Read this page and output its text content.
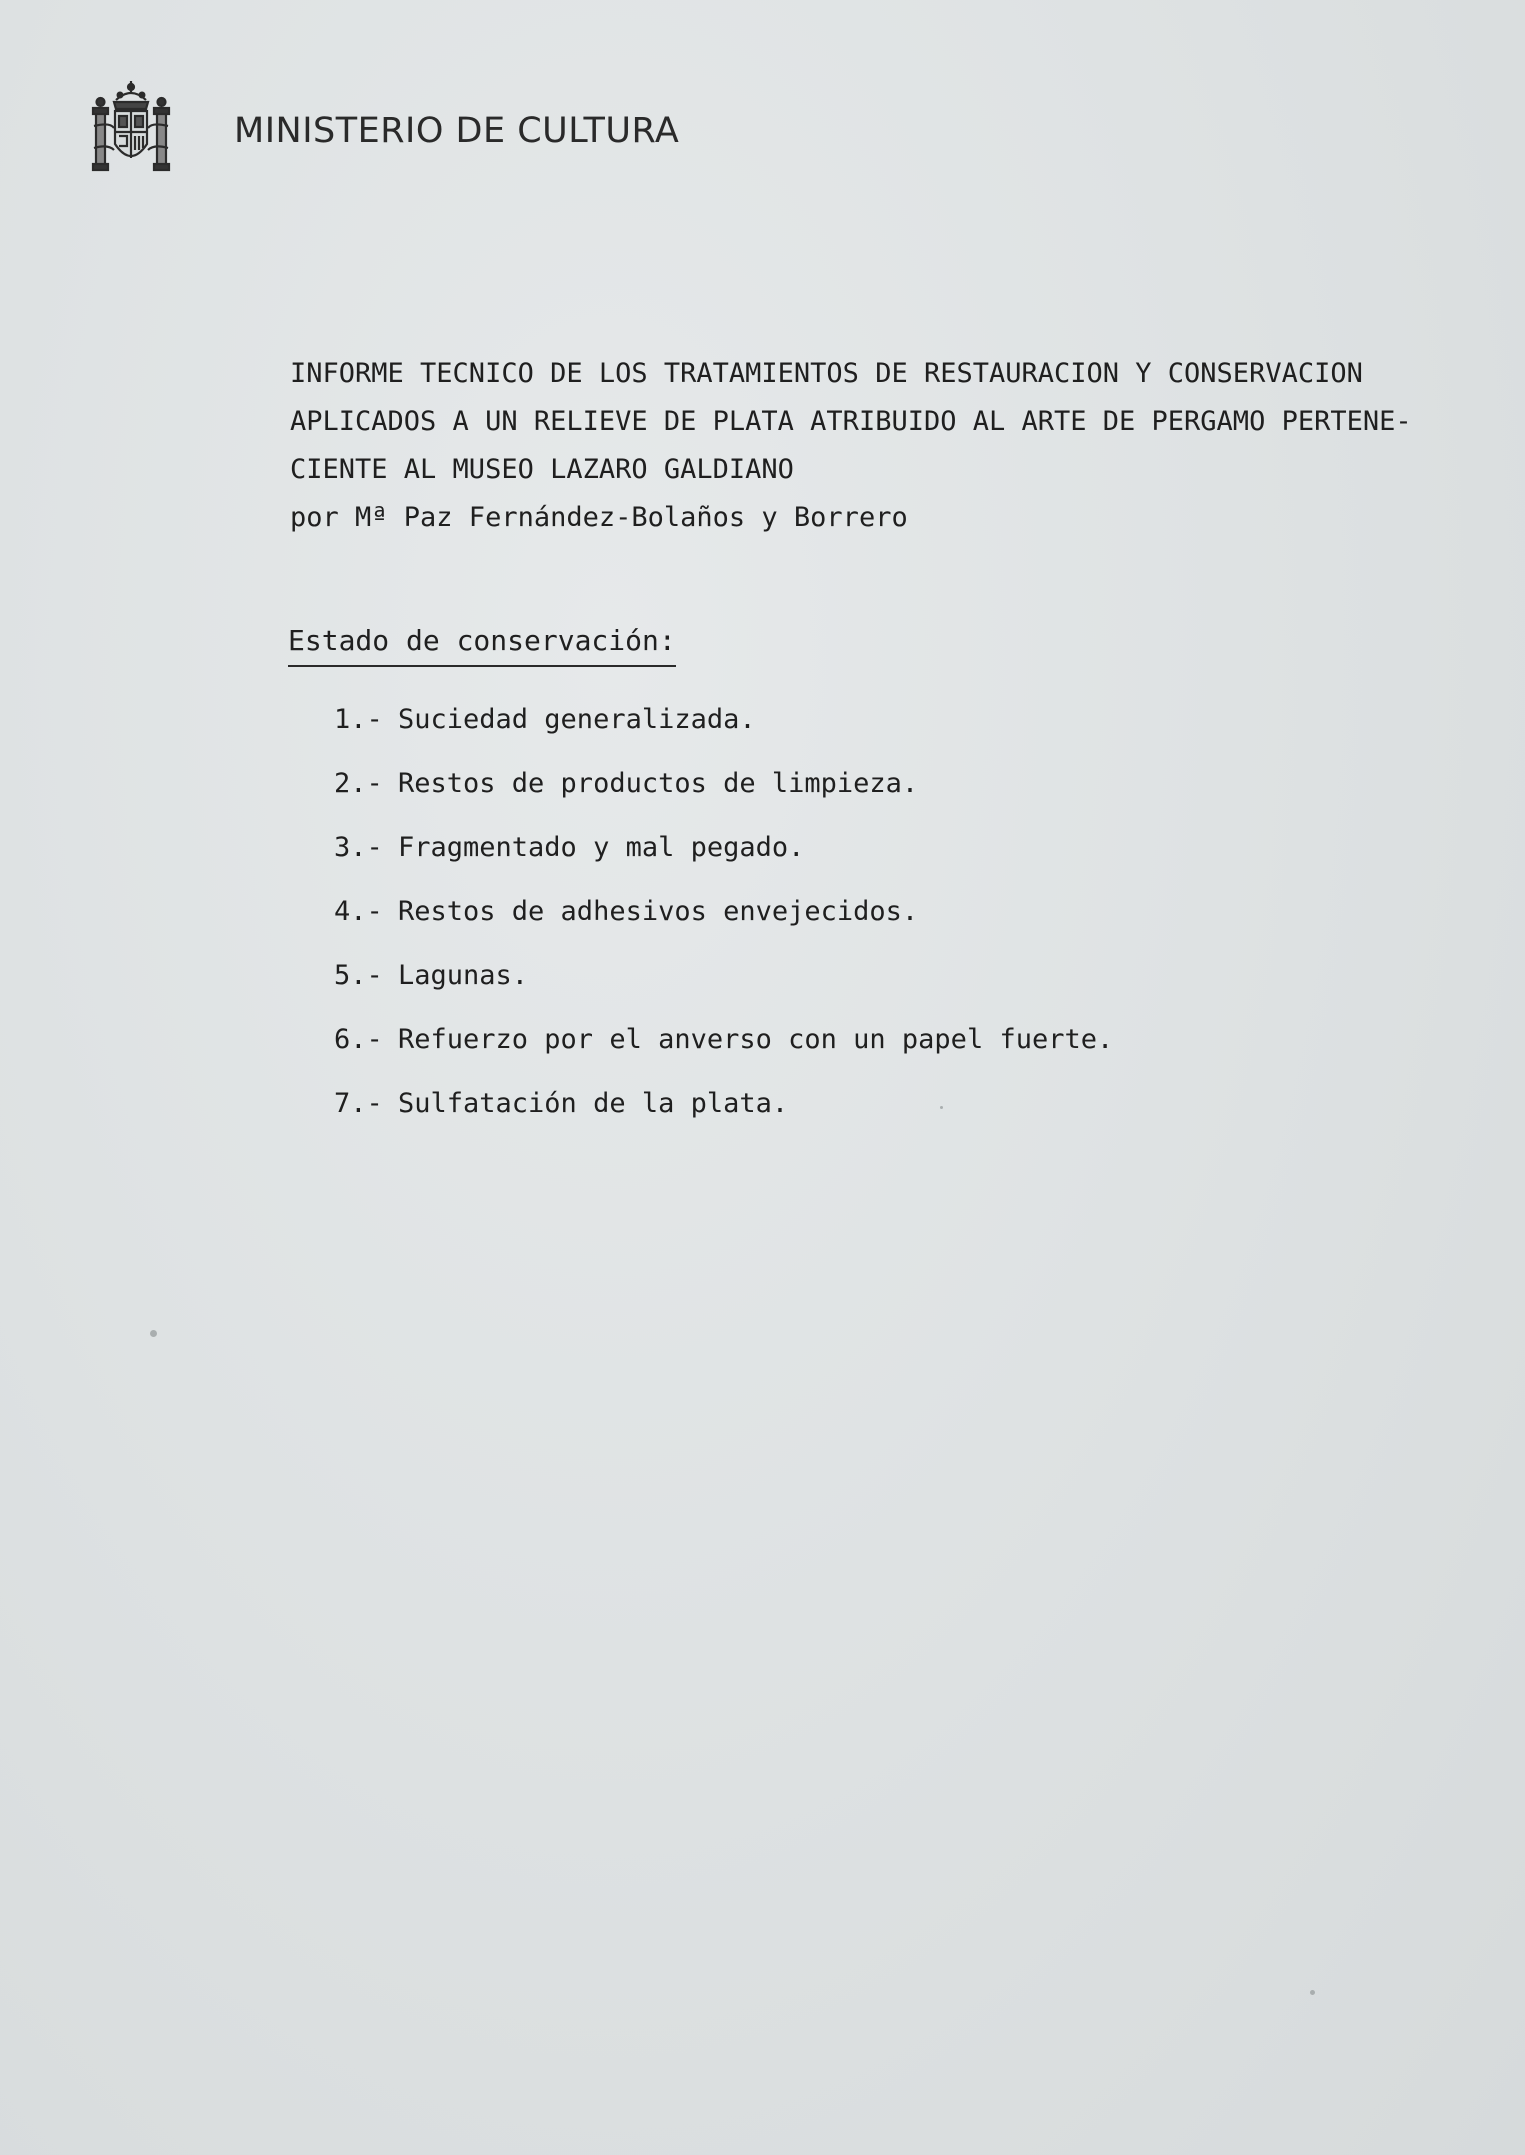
MINISTERIO DE CULTURA
INFORME TECNICO DE LOS TRATAMIENTOS DE RESTAURACION Y CONSERVACION
APLICADOS A UN RELIEVE DE PLATA ATRIBUIDO AL ARTE DE PERGAMO PERTENE-
CIENTE AL MUSEO LAZARO GALDIANO
por Mª Paz Fernández-Bolaños y Borrero
Estado de conservación:
1.- Suciedad generalizada.
2.- Restos de productos de limpieza.
3.- Fragmentado y mal pegado.
4.- Restos de adhesivos envejecidos.
5.- Lagunas.
6.- Refuerzo por el anverso con un papel fuerte.
7.- Sulfatación de la plata.
